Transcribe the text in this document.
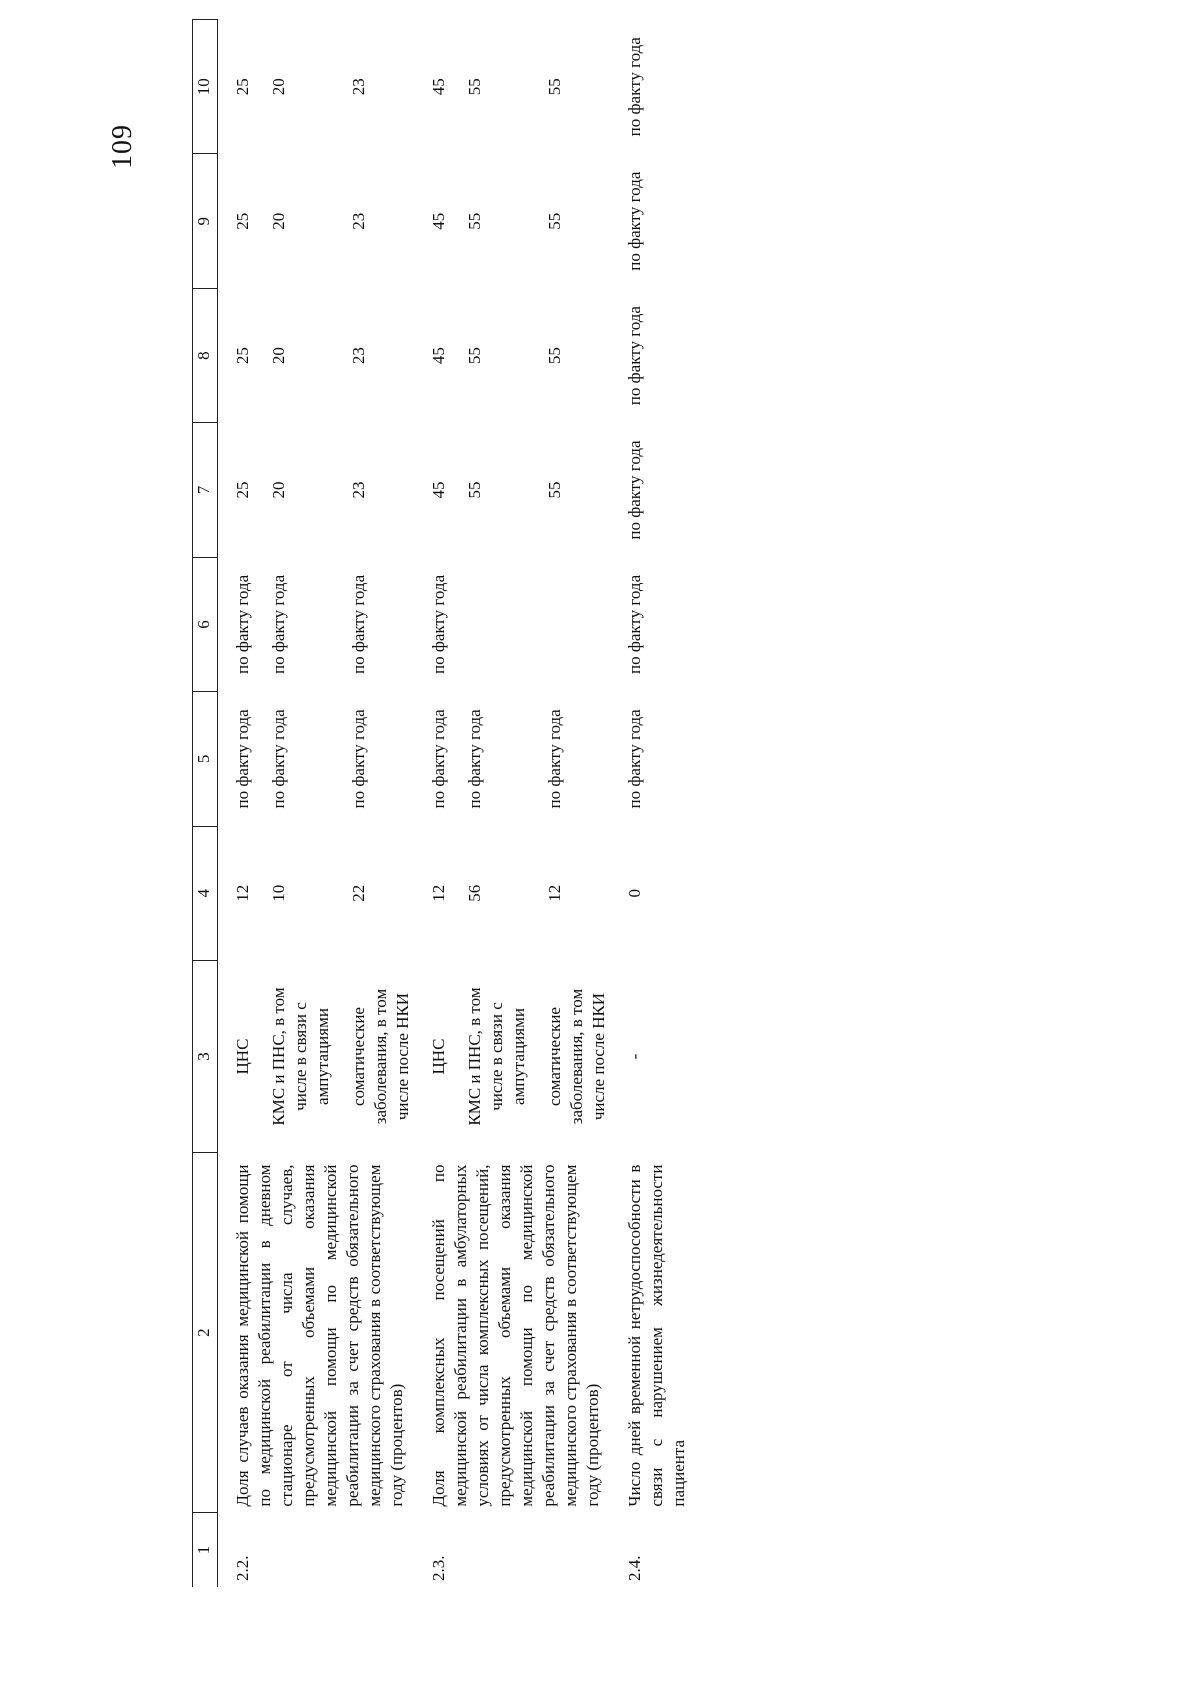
109
1	2	3	4	5	6	7	8	9	10
2.2.	Доля случаев оказания медицинской помощи по медицинской реабилитации в дневном стационаре от числа случаев, предусмотренных объемами оказания медицинской помощи по медицинской реабилитации за счет средств обязательного медицинского страхования в соответствующем году (процентов)	ЦНС	12	по факту года	по факту года	25	25	25	25
		КМС и ПНС, в том числе в связи с ампутациями	10	по факту года	по факту года	20	20	20	20
		соматические заболевания, в том числе после НКИ	22	по факту года	по факту года	23	23	23	23
2.3.	Доля комплексных посещений по медицинской реабилитации в амбулаторных условиях от числа комплексных посещений, предусмотренных объемами оказания медицинской помощи по медицинской реабилитации за счет средств обязательного медицинского страхования в соответствующем году (процентов)	ЦНС	12	по факту года	по факту года	45	45	45	45
		КМС и ПНС, в том числе в связи с ампутациями	56	по факту года		55	55	55	55
		соматические заболевания, в том числе после НКИ	12	по факту года		55	55	55	55
2.4.	Число дней временной нетрудоспособности в связи с нарушением жизнедеятельности пациента	-	0	по факту года	по факту года	по факту года	по факту года	по факту года	по факту года
